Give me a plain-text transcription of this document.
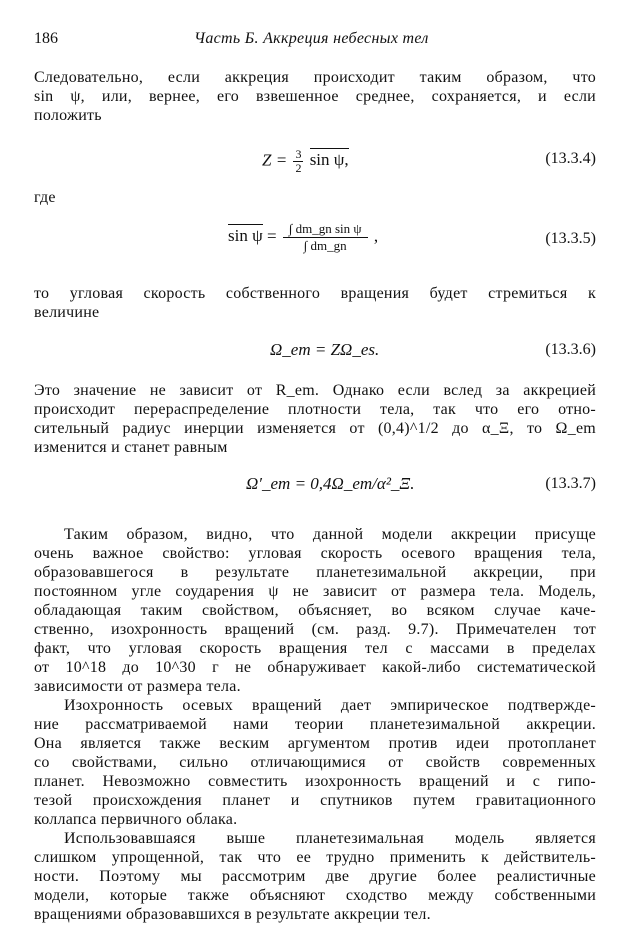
186	Часть Б. Аккреция небесных тел
Следовательно, если аккреция происходит таким образом, что
sin ψ, или, вернее, его взвешенное среднее, сохраняется, и если
положить
$Z = \frac{3}{2}$ sin ψ,	(13.3.4)
где
$\sin \psi = \frac{\text{∫ dm\_gn sin ψ}}{\int dm\_gn}$ ,	(13.3.5)
то угловая скорость собственного вращения будет стремиться к
величине
Ω_em = ZΩ_es.	(13.3.6)
Это значение не зависит от R_em. Однако если вслед за аккрецией
происходит перераспределение плотности тела, так что его отно-
сительный радиус инерции изменяется от (0,4)^1/2 до α_Ξ, то Ω_em
изменится и станет равным
Ω′_em = 0,4Ω_em/α²_Ξ.	(13.3.7)
Таким образом, видно, что данной модели аккреции присуще
очень важное свойство: угловая скорость осевого вращения тела,
образовавшегося в результате планетезимальной аккреции, при
постоянном угле соударения ψ не зависит от размера тела. Модель,
обладающая таким свойством, объясняет, во всяком случае каче-
ственно, изохронность вращений (см. разд. 9.7). Примечателен тот
факт, что угловая скорость вращения тел с массами в пределах
от 10^18 до 10^30 г не обнаруживает какой-либо систематической
зависимости от размера тела.
Изохронность осевых вращений дает эмпирическое подтвержде-
ние рассматриваемой нами теории планетезимальной аккреции.
Она является также веским аргументом против идеи протопланет
со свойствами, сильно отличающимися от свойств современных
планет. Невозможно совместить изохронность вращений и с гипо-
тезой происхождения планет и спутников путем гравитационного
коллапса первичного облака.
Использовавшаяся выше планетезимальная модель является
слишком упрощенной, так что ее трудно применить к действитель-
ности. Поэтому мы рассмотрим две другие более реалистичные
модели, которые также объясняют сходство между собственными
вращениями образовавшихся в результате аккреции тел.
